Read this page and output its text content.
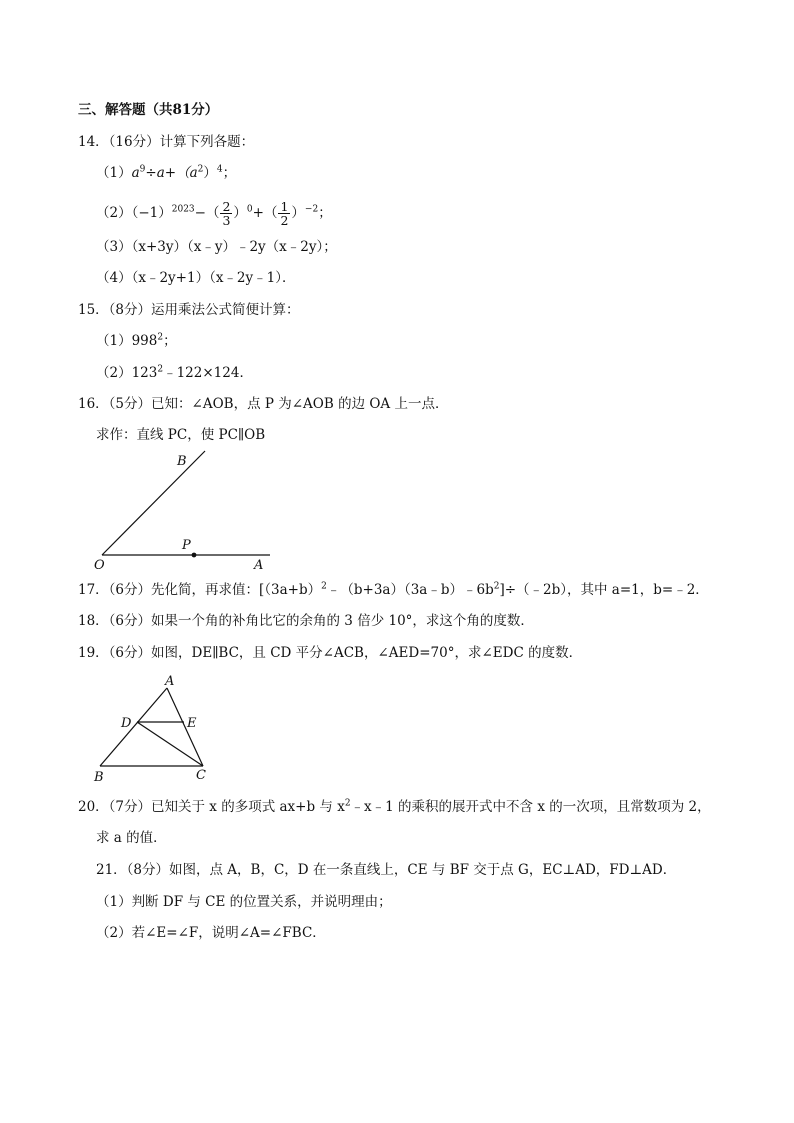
三、解答题（共81分）
14．（16分）计算下列各题：
$(1)a^9\div a+(a^2)^4$；
$(2)(-1)^{2023}-( \frac{2}{3} )^0+( \frac{1}{2} )^{-2}$；
（3）（x+3y）（x﹣y）﹣2y（x﹣2y）；
（4）（x﹣2y+1）（x﹣2y﹣1）．
15．（8分）运用乘法公式简便计算：
$(1)998^2$；
$(2)123^2﹣122\times 124$．
16．（5分）已知：∠AOB，点 P 为∠AOB 的边 OA 上一点．
求作：直线 PC，使 PC∥OB
B
P
O	A
17．（6分）先化简，再求值：$[(3a+b)^2﹣(b+3a)(3a﹣b)﹣6b^2]\div(﹣2b)$，其中 a=1，b=﹣2．
18．（6分）如果一个角的补角比它的余角的 3 倍少 10°，求这个角的度数．
19．（6分）如图，DE∥BC，且 CD 平分∠ACB，∠AED=70°，求∠EDC 的度数．
A
D	E
B	C
20．（7分）已知关于 x 的多项式 ax+b 与 $x^2﹣x﹣1$ 的乘积的展开式中不含 x 的一次项，且常数项为 2，
求 a 的值．
21．（8分）如图，点 A，B，C，D 在一条直线上，CE 与 BF 交于点 G，EC⊥AD，FD⊥AD．
（1）判断 DF 与 CE 的位置关系，并说明理由；
（2）若∠E=∠F，说明∠A=∠FBC．
